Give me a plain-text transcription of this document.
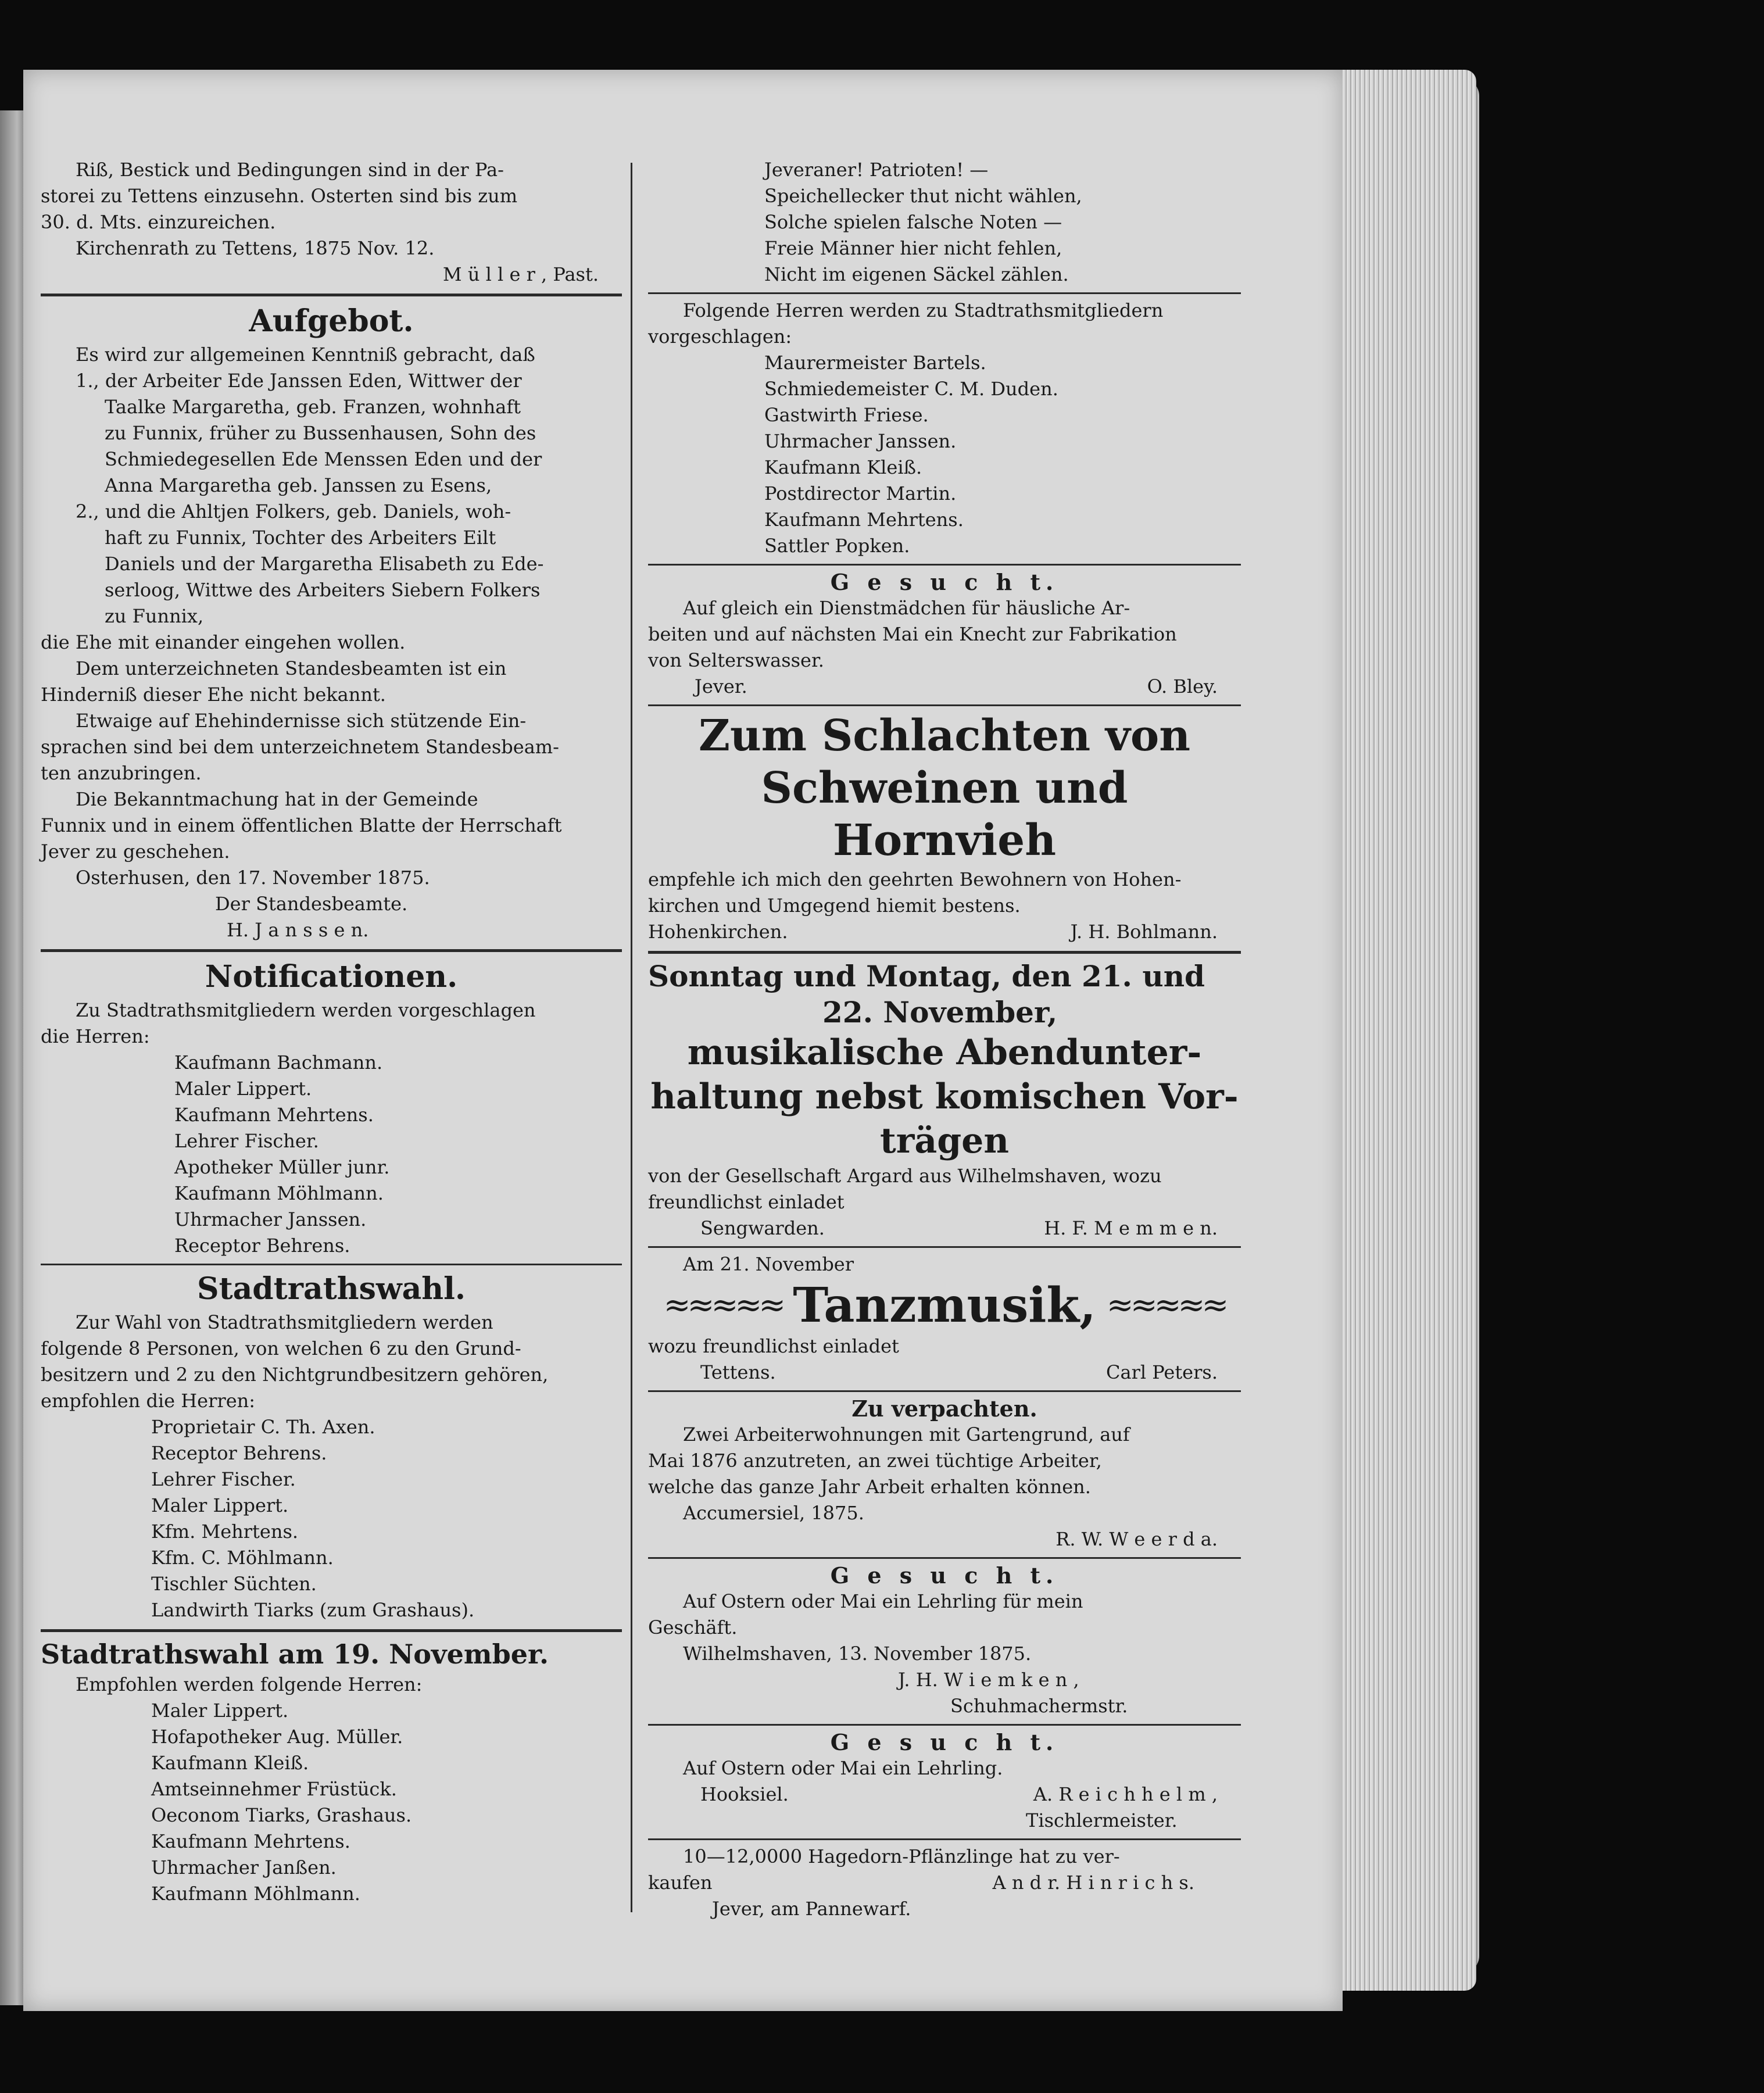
Riß, Bestick und Bedingungen sind in der Pa-
storei zu Tettens einzusehn. Osterten sind bis zum
30. d. Mts. einzureichen.
Kirchenrath zu Tettens, 1875 Nov. 12.
M ü l l e r , Past.
Aufgebot.
Es wird zur allgemeinen Kenntniß gebracht, daß
1., der Arbeiter Ede Janssen Eden, Wittwer der
Taalke Margaretha, geb. Franzen, wohnhaft
zu Funnix, früher zu Bussenhausen, Sohn des
Schmiedegesellen Ede Menssen Eden und der
Anna Margaretha geb. Janssen zu Esens,
2., und die Ahltjen Folkers, geb. Daniels, woh-
haft zu Funnix, Tochter des Arbeiters Eilt
Daniels und der Margaretha Elisabeth zu Ede-
serloog, Wittwe des Arbeiters Siebern Folkers
zu Funnix,
die Ehe mit einander eingehen wollen.
Dem unterzeichneten Standesbeamten ist ein
Hinderniß dieser Ehe nicht bekannt.
Etwaige auf Ehehindernisse sich stützende Ein-
sprachen sind bei dem unterzeichnetem Standesbeam-
ten anzubringen.
Die Bekanntmachung hat in der Gemeinde
Funnix und in einem öffentlichen Blatte der Herrschaft
Jever zu geschehen.
Osterhusen, den 17. November 1875.
Der Standesbeamte.
H. J a n s s e n.
Notificationen.
Zu Stadtrathsmitgliedern werden vorgeschlagen
die Herren:
Kaufmann Bachmann.
Maler Lippert.
Kaufmann Mehrtens.
Lehrer Fischer.
Apotheker Müller junr.
Kaufmann Möhlmann.
Uhrmacher Janssen.
Receptor Behrens.
Stadtrathswahl.
Zur Wahl von Stadtrathsmitgliedern werden
folgende 8 Personen, von welchen 6 zu den Grund-
besitzern und 2 zu den Nichtgrundbesitzern gehören,
empfohlen die Herren:
Proprietair C. Th. Axen.
Receptor Behrens.
Lehrer Fischer.
Maler Lippert.
Kfm. Mehrtens.
Kfm. C. Möhlmann.
Tischler Süchten.
Landwirth Tiarks (zum Grashaus).
Stadtrathswahl am 19. November.
Empfohlen werden folgende Herren:
Maler Lippert.
Hofapotheker Aug. Müller.
Kaufmann Kleiß.
Amtseinnehmer Früstück.
Oeconom Tiarks, Grashaus.
Kaufmann Mehrtens.
Uhrmacher Janßen.
Kaufmann Möhlmann.
Jeveraner! Patrioten! —
Speichellecker thut nicht wählen,
Solche spielen falsche Noten —
Freie Männer hier nicht fehlen,
Nicht im eigenen Säckel zählen.
Folgende Herren werden zu Stadtrathsmitgliedern
vorgeschlagen:
Maurermeister Bartels.
Schmiedemeister C. M. Duden.
Gastwirth Friese.
Uhrmacher Janssen.
Kaufmann Kleiß.
Postdirector Martin.
Kaufmann Mehrtens.
Sattler Popken.
G e s u c h t.
Auf gleich ein Dienstmädchen für häusliche Ar-
beiten und auf nächsten Mai ein Knecht zur Fabrikation
von Selterswasser.
Jever.	O. Bley.
Zum Schlachten von
Schweinen und Hornvieh
empfehle ich mich den geehrten Bewohnern von Hohen-
kirchen und Umgegend hiemit bestens.
Hohenkirchen.	J. H. Bohlmann.
Sonntag und Montag, den 21. und
22. November,
musikalische Abendunter-
haltung nebst komischen Vor-
trägen
von der Gesellschaft Argard aus Wilhelmshaven, wozu
freundlichst einladet
Sengwarden.	H. F. M e m m e n.
Am 21. November
≈≈≈≈≈ Tanzmusik, ≈≈≈≈≈
wozu freundlichst einladet
Tettens.	Carl Peters.
Zu verpachten.
Zwei Arbeiterwohnungen mit Gartengrund, auf
Mai 1876 anzutreten, an zwei tüchtige Arbeiter,
welche das ganze Jahr Arbeit erhalten können.
Accumersiel, 1875.
R. W. W e e r d a.
G e s u c h t.
Auf Ostern oder Mai ein Lehrling für mein
Geschäft.
Wilhelmshaven, 13. November 1875.
J. H. W i e m k e n ,
Schuhmachermstr.
G e s u c h t.
Auf Ostern oder Mai ein Lehrling.
Hooksiel.	A. R e i c h h e l m ,
Tischlermeister.
10—12,0000 Hagedorn-Pflänzlinge hat zu ver-
kaufen	A n d r. H i n r i c h s.
Jever, am Pannewarf.
